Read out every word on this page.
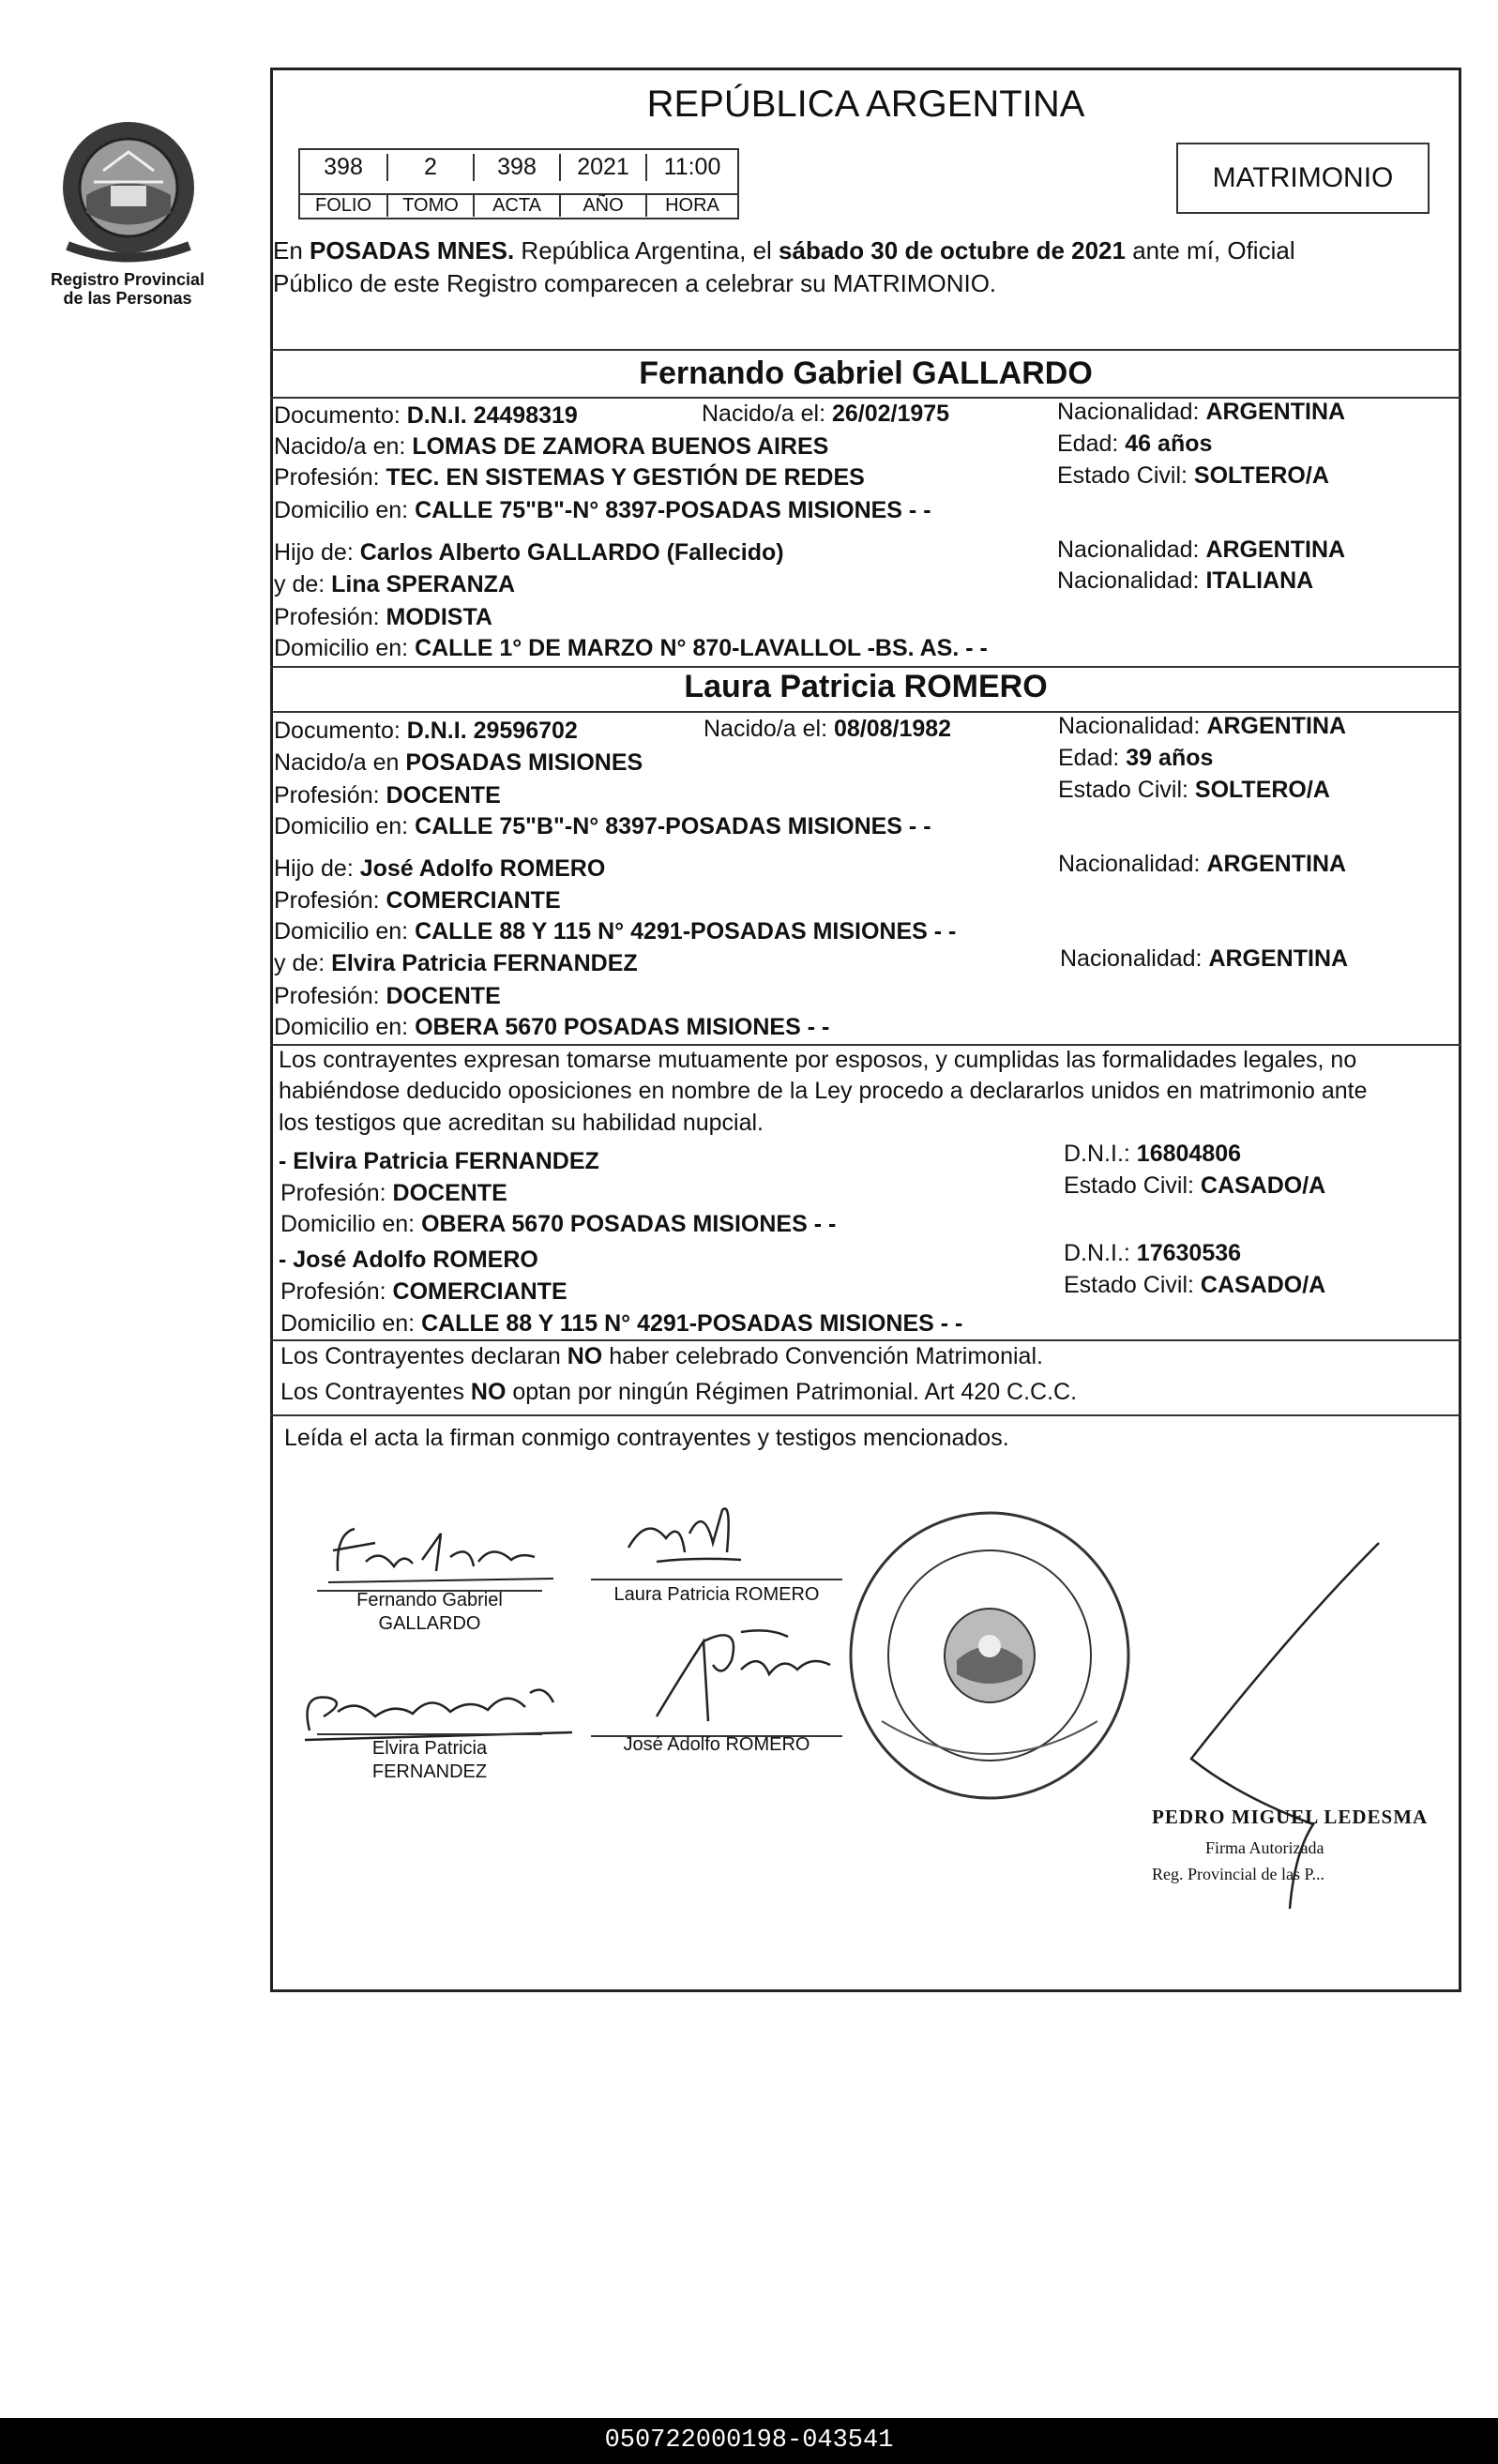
Registro Provincial
de las Personas
REPÚBLICA ARGENTINA
398	2	398	2021	11:00
FOLIO	TOMO	ACTA	AÑO	HORA
MATRIMONIO
En POSADAS MNES. República Argentina, el sábado 30 de octubre de 2021 ante mí, Oficial
Público de este Registro comparecen a celebrar su MATRIMONIO.
Fernando Gabriel GALLARDO
Documento: D.N.I. 24498319	Nacido/a el: 26/02/1975	Nacionalidad: ARGENTINA
Nacido/a en: LOMAS DE ZAMORA BUENOS AIRES	Edad: 46 años
Profesión: TEC. EN SISTEMAS Y GESTIÓN DE REDES	Estado Civil: SOLTERO/A
Domicilio en: CALLE 75"B"-N° 8397-POSADAS MISIONES - -
Hijo de: Carlos Alberto GALLARDO (Fallecido)	Nacionalidad: ARGENTINA
y de: Lina SPERANZA	Nacionalidad: ITALIANA
Profesión: MODISTA
Domicilio en: CALLE 1° DE MARZO N° 870-LAVALLOL -BS. AS. - -
Laura Patricia ROMERO
Documento: D.N.I. 29596702	Nacido/a el: 08/08/1982	Nacionalidad: ARGENTINA
Nacido/a en POSADAS MISIONES	Edad: 39 años
Profesión: DOCENTE	Estado Civil: SOLTERO/A
Domicilio en: CALLE 75"B"-N° 8397-POSADAS MISIONES - -
Hijo de: José Adolfo ROMERO	Nacionalidad: ARGENTINA
Profesión: COMERCIANTE
Domicilio en: CALLE 88 Y 115 N° 4291-POSADAS MISIONES - -
y de: Elvira Patricia FERNANDEZ	Nacionalidad: ARGENTINA
Profesión: DOCENTE
Domicilio en: OBERA 5670 POSADAS MISIONES - -
Los contrayentes expresan tomarse mutuamente por esposos, y cumplidas las formalidades legales, no
habiéndose deducido oposiciones en nombre de la Ley procedo a declararlos unidos en matrimonio ante
los testigos que acreditan su habilidad nupcial.
- Elvira Patricia FERNANDEZ	D.N.I.: 16804806
Profesión: DOCENTE	Estado Civil: CASADO/A
Domicilio en: OBERA 5670 POSADAS MISIONES - -
- José Adolfo ROMERO	D.N.I.: 17630536
Profesión: COMERCIANTE	Estado Civil: CASADO/A
Domicilio en: CALLE 88 Y 115 N° 4291-POSADAS MISIONES - -
Los Contrayentes declaran NO haber celebrado Convención Matrimonial.
Los Contrayentes NO optan por ningún Régimen Patrimonial. Art 420 C.C.C.
Leída el acta la firman conmigo contrayentes y testigos mencionados.
Fernando Gabriel
GALLARDO
Laura Patricia ROMERO
Elvira Patricia
FERNANDEZ
José Adolfo ROMERO
PEDRO MIGUEL LEDESMA
Firma Autorizada
Reg. Provincial de las P...
050722000198-043541
